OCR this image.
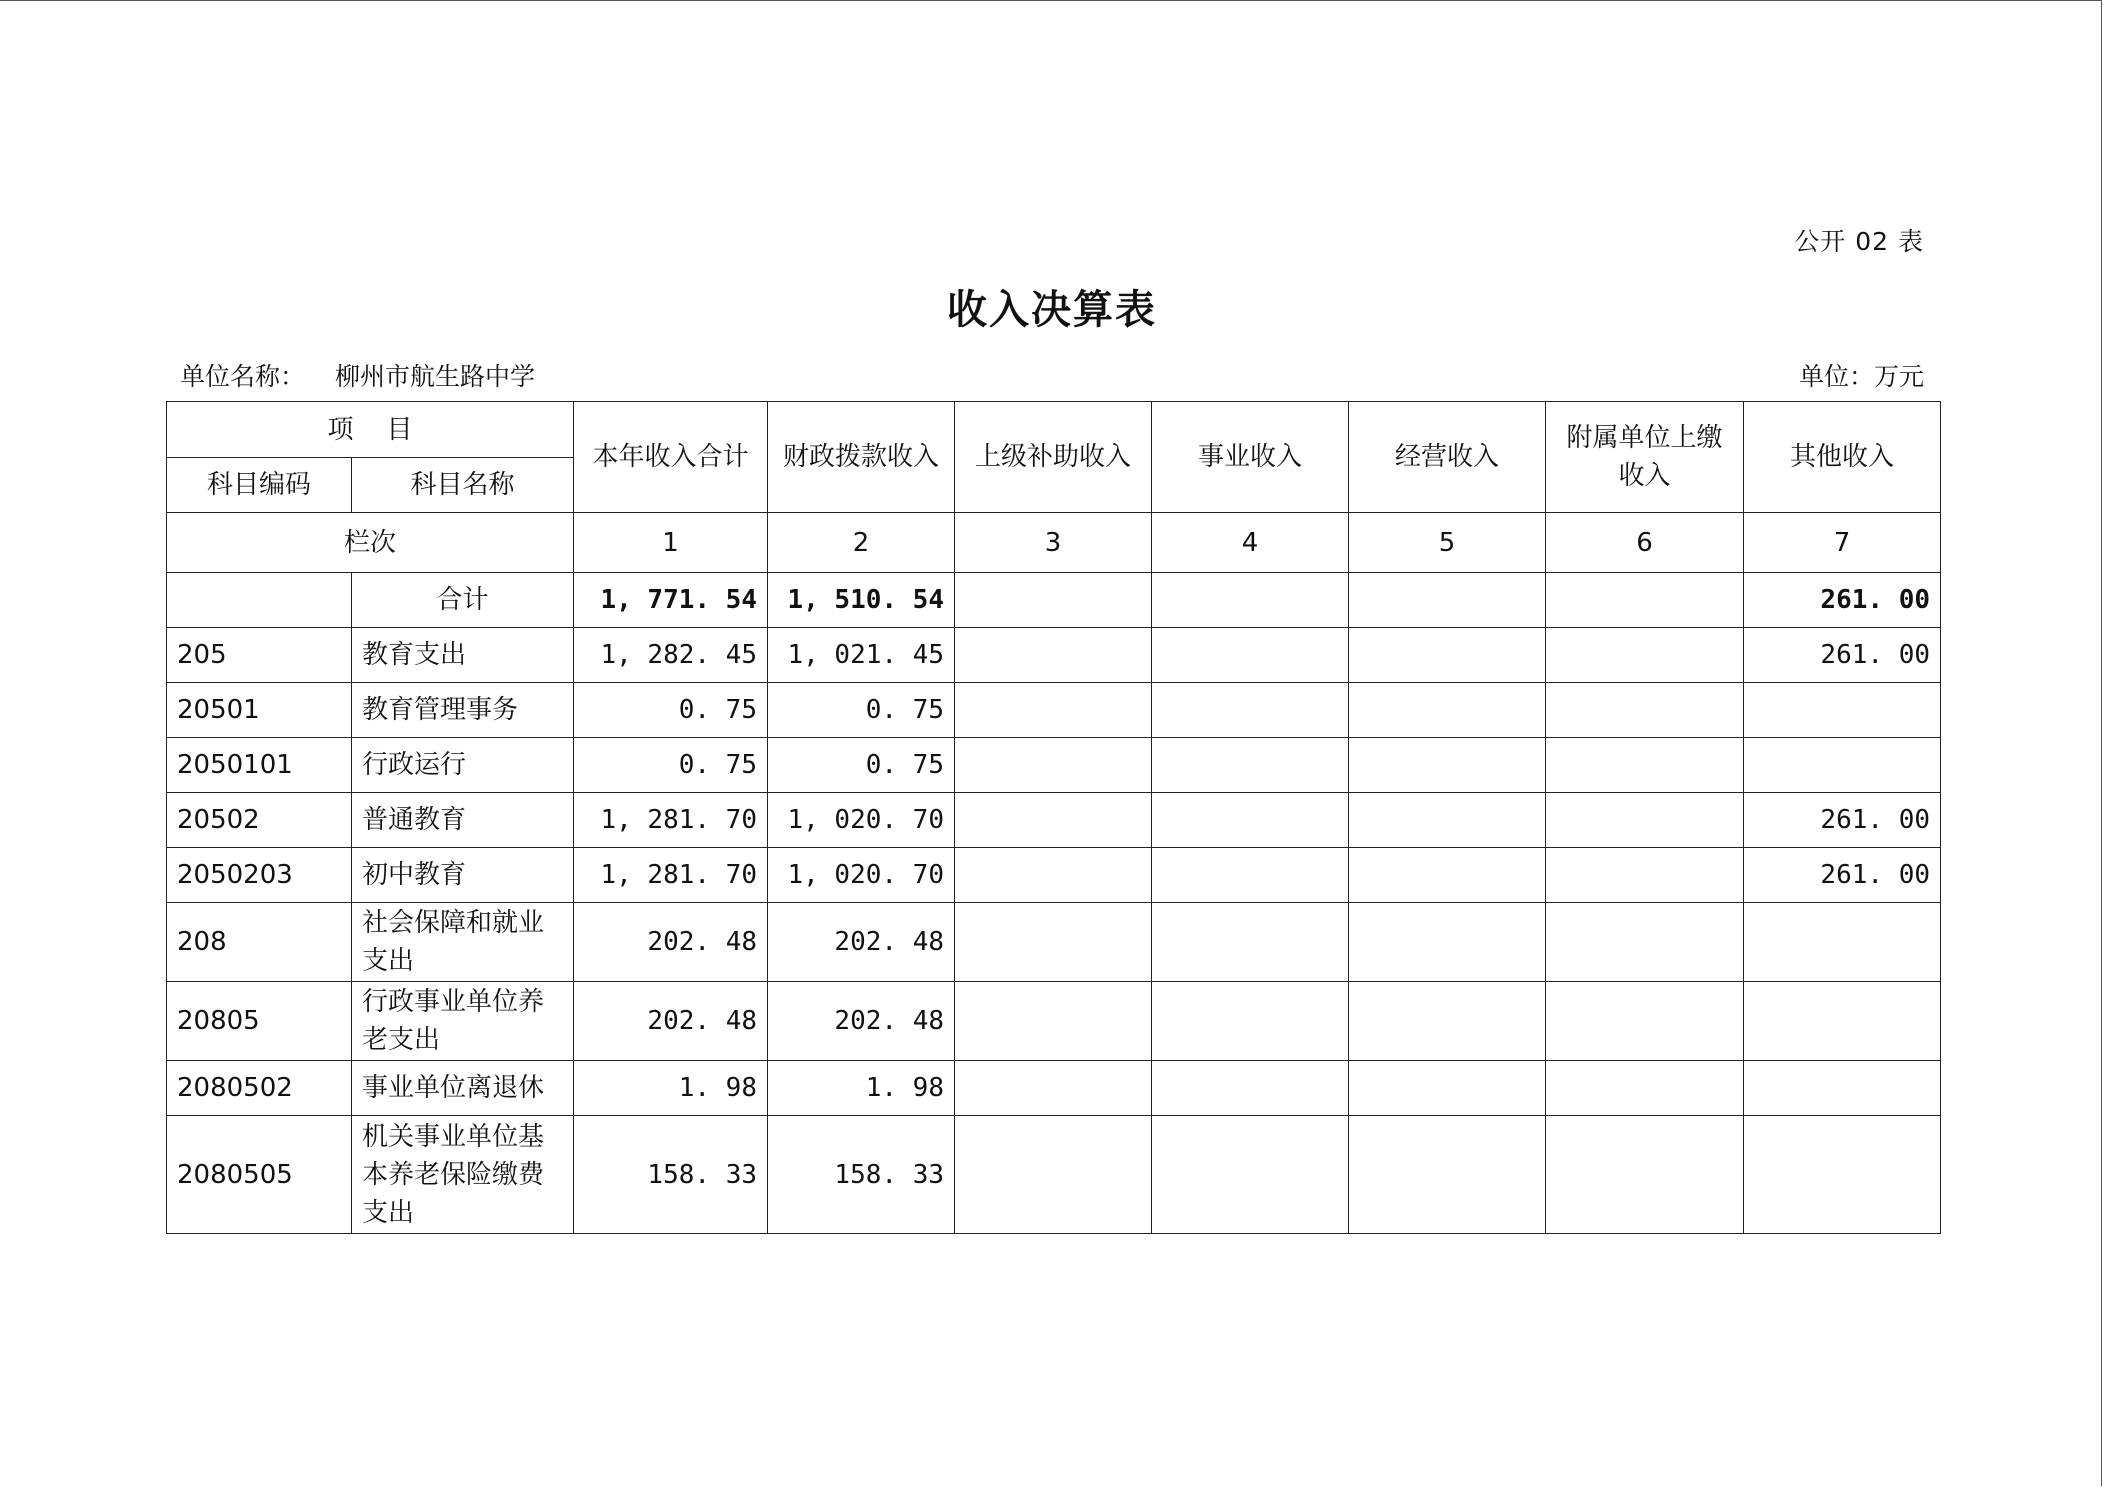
公开 02 表
收入决算表
单位名称： 柳州市航生路中学	单位：万元
项    目		本年收入合计	财政拨款收入	上级补助收入	事业收入	经营收入	附属单位上缴收入	其他收入
科目编码	科目名称							
栏次		1	2	3	4	5	6	7
	合计	1, 771. 54	1, 510. 54					261. 00
205	教育支出	1, 282. 45	1, 021. 45					261. 00
20501	教育管理事务	0. 75	0. 75					
2050101	行政运行	0. 75	0. 75					
20502	普通教育	1, 281. 70	1, 020. 70					261. 00
2050203	初中教育	1, 281. 70	1, 020. 70					261. 00
208	社会保障和就业支出	202. 48	202. 48					
20805	行政事业单位养老支出	202. 48	202. 48					
2080502	事业单位离退休	1. 98	1. 98					
2080505	机关事业单位基本养老保险缴费支出	158. 33	158. 33					
